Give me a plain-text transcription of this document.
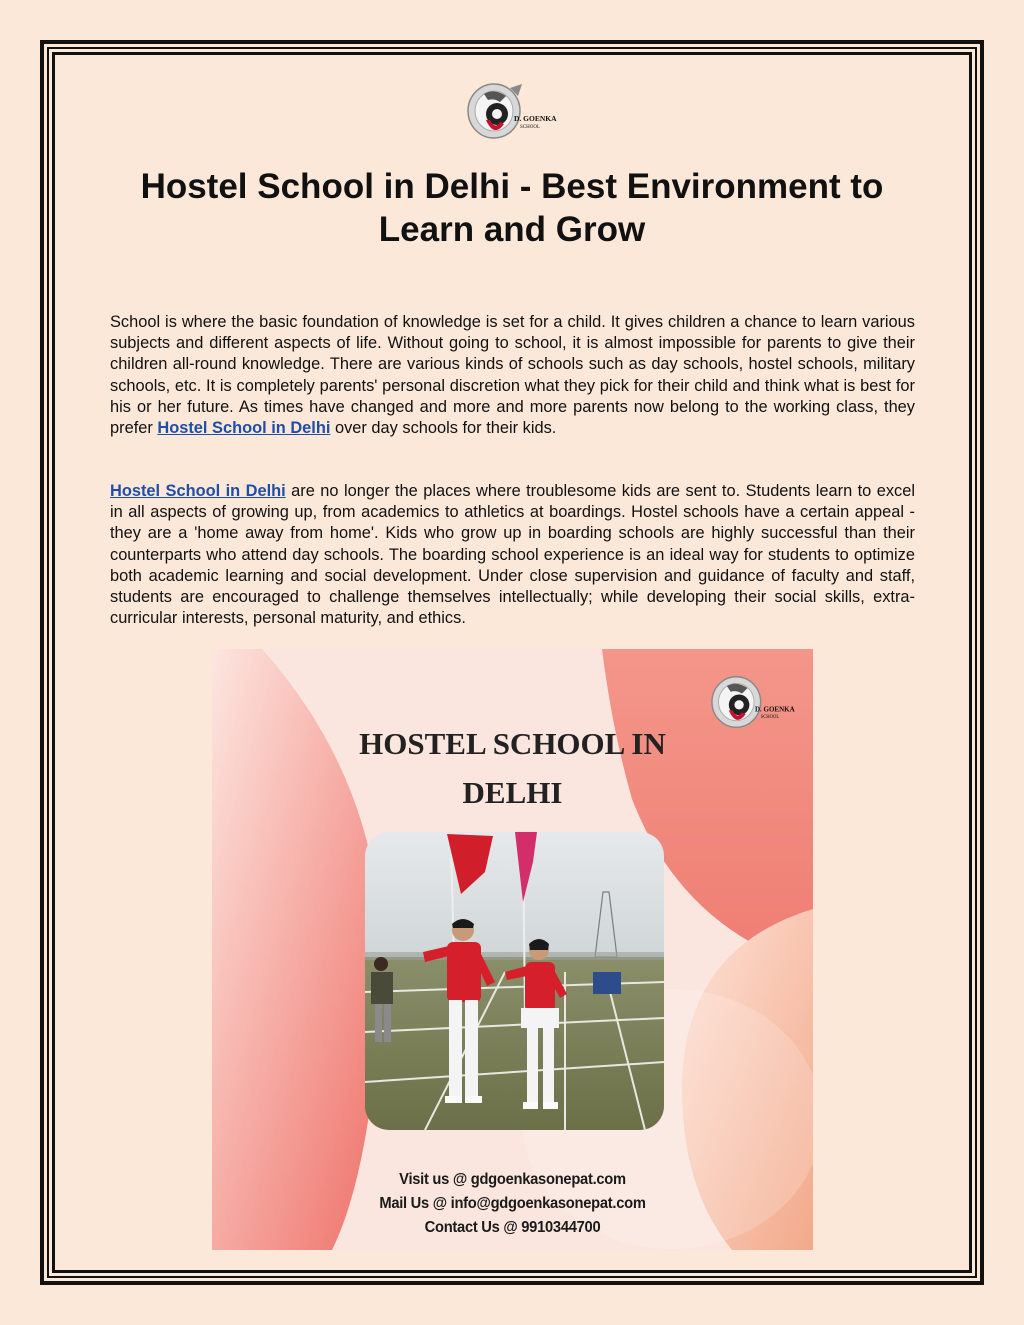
D. GOENKA
SCHOOL
Hostel School in Delhi - Best Environment to Learn and Grow

School is where the basic foundation of knowledge is set for a child. It gives children a chance to learn various subjects and different aspects of life. Without going to school, it is almost impossible for parents to give their children all-round knowledge. There are various kinds of schools such as day schools, hostel schools, military schools, etc. It is completely parents' personal discretion what they pick for their child and think what is best for his or her future. As times have changed and more and more parents now belong to the working class, they prefer Hostel School in Delhi over day schools for their kids.

Hostel School in Delhi are no longer the places where troublesome kids are sent to. Students learn to excel in all aspects of growing up, from academics to athletics at boardings. Hostel schools have a certain appeal - they are a 'home away from home'. Kids who grow up in boarding schools are highly successful than their counterparts who attend day schools. The boarding school experience is an ideal way for students to optimize both academic learning and social development. Under close supervision and guidance of faculty and staff, students are encouraged to challenge themselves intellectually; while developing their social skills, extra-curricular interests, personal maturity, and ethics.

D. GOENKA
SCHOOL
HOSTEL SCHOOL IN
DELHI
Visit us @ gdgoenkasonepat.com
Mail Us @ info@gdgoenkasonepat.com
Contact Us @ 9910344700
